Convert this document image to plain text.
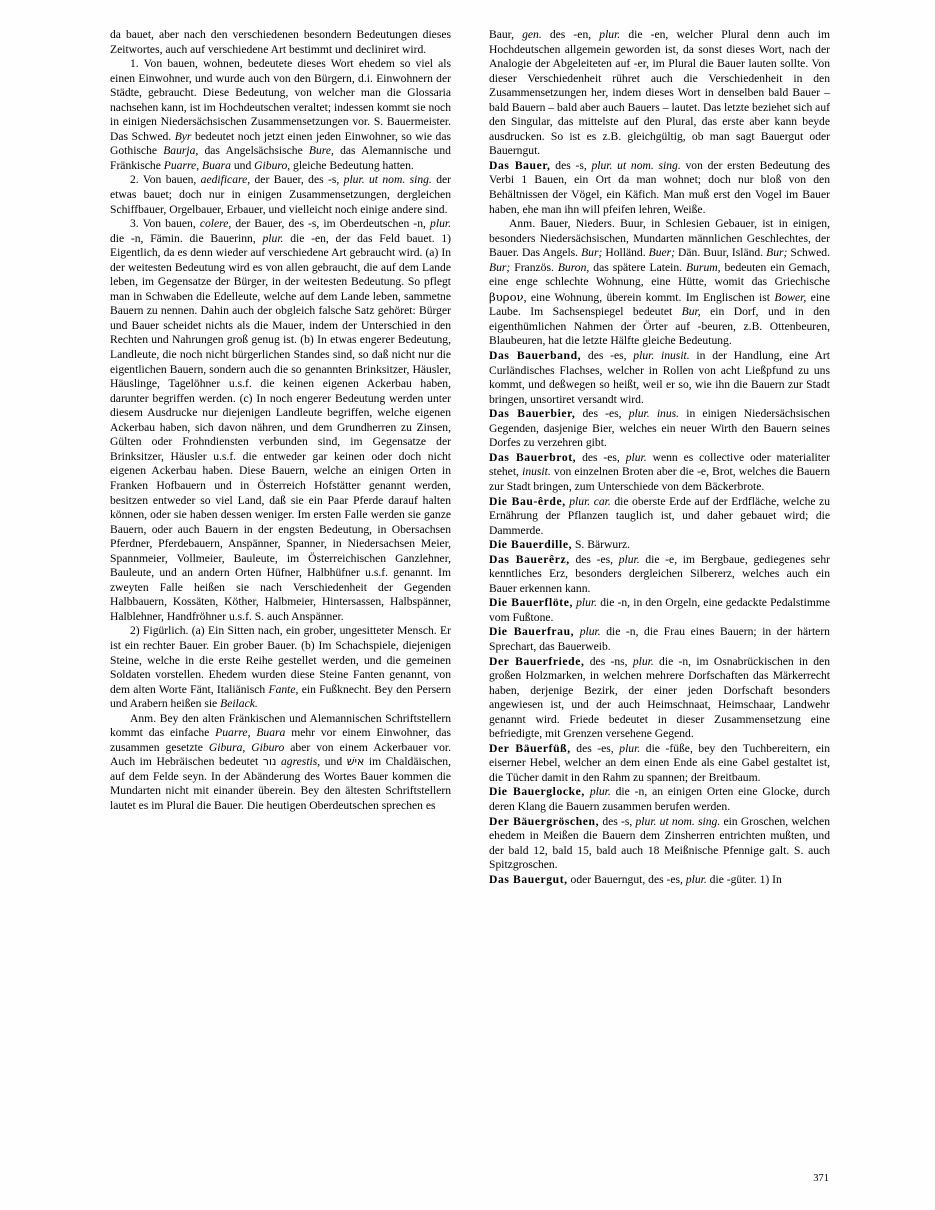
da bauet, aber nach den verschiedenen besondern Bedeutungen dieses Zeitwortes, auch auf verschiedene Art bestimmt und decliniret wird.

1. Von bauen, wohnen, bedeutete dieses Wort ehedem so viel als einen Einwohner, und wurde auch von den Bürgern, d.i. Einwohnern der Städte, gebraucht. Diese Bedeutung, von welcher man die Glossaria nachsehen kann, ist im Hochdeutschen veraltet; indessen kommt sie noch in einigen Niedersächsischen Zusammensetzungen vor. S. Bauermeister. Das Schwed. Byr bedeutet noch jetzt einen jeden Einwohner, so wie das Gothische Baurja, das Angelsächsische Bure, das Alemannische und Fränkische Puarre, Buara und Giburo, gleiche Bedeutung hatten.

2. Von bauen, aedificare, der Bauer, des -s, plur. ut nom. sing. der etwas bauet; doch nur in einigen Zusammensetzungen, dergleichen Schiffbauer, Orgelbauer, Erbauer, und vielleicht noch einige andere sind.

3. Von bauen, colere, der Bauer, des -s, im Oberdeutschen -n, plur. die -n, Fämin. die Bauerinn, plur. die -en, der das Feld bauet. 1) Eigentlich, da es denn wieder auf verschiedene Art gebraucht wird. (a) In der weitesten Bedeutung wird es von allen gebraucht, die auf dem Lande leben, im Gegensatze der Bürger, in der weitesten Bedeutung. So pflegt man in Schwaben die Edelleute, welche auf dem Lande leben, sammetne Bauern zu nennen. Dahin auch der obgleich falsche Satz gehöret: Bürger und Bauer scheidet nichts als die Mauer, indem der Unterschied in den Rechten und Nahrungen groß genug ist. (b) In etwas engerer Bedeutung, Landleute, die noch nicht bürgerlichen Standes sind, so daß nicht nur die eigentlichen Bauern, sondern auch die so genannten Brinksitzer, Häusler, Häuslinge, Tagelöhner u.s.f. die keinen eigenen Ackerbau haben, darunter begriffen werden. (c) In noch engerer Bedeutung werden unter diesem Ausdrucke nur diejenigen Landleute begriffen, welche eigenen Ackerbau haben, sich davon nähren, und dem Grundherren zu Zinsen, Gülten oder Frohndiensten verbunden sind, im Gegensatze der Brinksitzer, Häusler u.s.f. die entweder gar keinen oder doch nicht eigenen Ackerbau haben. Diese Bauern, welche an einigen Orten in Franken Hofbauern und in Österreich Hofstätter genannt werden, besitzen entweder so viel Land, daß sie ein Paar Pferde darauf halten können, oder sie haben dessen weniger. Im ersten Falle werden sie ganze Bauern, oder auch Bauern in der engsten Bedeutung, in Obersachsen Pferdner, Pferdebauern, Anspänner, Spanner, in Niedersachsen Meier, Spannmeier, Vollmeier, Bauleute, im Österreichischen Ganzlehner, Bauleute, und an andern Orten Hüfner, Halbhüfner u.s.f. genannt. Im zweyten Falle heißen sie nach Verschiedenheit der Gegenden Halbbauern, Kossäten, Köther, Halbmeier, Hintersassen, Halbspänner, Halblehner, Handfröhner u.s.f. S. auch Anspänner.

2) Figürlich. (a) Ein Sitten nach, ein grober, ungesitteter Mensch. Er ist ein rechter Bauer. Ein grober Bauer. (b) Im Schachspiele, diejenigen Steine, welche in die erste Reihe gestellet werden, und die gemeinen Soldaten vorstellen. Ehedem wurden diese Steine Fanten genannt, von dem alten Worte Fänt, Italiänisch Fante, ein Fußknecht. Bey den Persern und Arabern heißen sie Beilack.

Anm. Bey den alten Fränkischen und Alemannischen Schriftstellern kommt das einfache Puarre, Buara mehr vor einem Einwohner, das zusammen gesetzte Gibura, Giburo aber von einem Ackerbauer vor. Auch im Hebräischen bedeutet נור agrestis, und אישׁ im Chaldäischen, auf dem Felde seyn. In der Abänderung des Wortes Bauer kommen die Mundarten nicht mit einander überein. Bey den ältesten Schriftstellern lautet es im Plural die Bauer. Die heutigen Oberdeutschen sprechen es

Baur, gen. des -en, plur. die -en, welcher Plural denn auch im Hochdeutschen allgemein geworden ist, da sonst dieses Wort, nach der Analogie der Abgeleiteten auf -er, im Plural die Bauer lauten sollte. Von dieser Verschiedenheit rühret auch die Verschiedenheit in den Zusammensetzungen her, indem dieses Wort in denselben bald Bauer – bald Bauern – bald aber auch Bauers – lautet. Das letzte beziehet sich auf den Singular, das mittelste auf den Plural, das erste aber kann beyde ausdrucken. So ist es z.B. gleichgültig, ob man sagt Bauergut oder Bauerngut.

Das Bauer, des -s, plur. ut nom. sing. von der ersten Bedeutung des Verbi 1 Bauen, ein Ort da man wohnet; doch nur bloß von den Behältnissen der Vögel, ein Käfich. Man muß erst den Vogel im Bauer haben, ehe man ihn will pfeifen lehren, Weiße.

Anm. Bauer, Nieders. Buur, in Schlesien Gebauer, ist in einigen, besonders Niedersächsischen, Mundarten männlichen Geschlechtes, der Bauer. Das Angels. Bur; Holländ. Buer; Dän. Buur, Isländ. Bur; Schwed. Bur; Französ. Buron, das spätere Latein. Burum, bedeuten ein Gemach, eine enge schlechte Wohnung, eine Hütte, womit das Griechische βυρον, eine Wohnung, überein kommt. Im Englischen ist Bower, eine Laube. Im Sachsenspiegel bedeutet Bur, ein Dorf, und in den eigenthümlichen Nahmen der Örter auf -beuren, z.B. Ottenbeuren, Blaubeuren, hat die letzte Hälfte gleiche Bedeutung.

Das Bauerband, des -es, plur. inusit. in der Handlung, eine Art Curländisches Flachses, welcher in Rollen von acht Ließpfund zu uns kommt, und deßwegen so heißt, weil er so, wie ihn die Bauern zur Stadt bringen, unsortiret versandt wird.

Das Bauerbier, des -es, plur. inus. in einigen Niedersächsischen Gegenden, dasjenige Bier, welches ein neuer Wirth den Bauern seines Dorfes zu verzehren gibt.

Das Bauerbrot, des -es, plur. wenn es collective oder materialiter stehet, inusit. von einzelnen Broten aber die -e, Brot, welches die Bauern zur Stadt bringen, zum Unterschiede von dem Bäckerbrote.

Die Bau-êrde, plur. car. die oberste Erde auf der Erdfläche, welche zu Ernährung der Pflanzen tauglich ist, und daher gebauet wird; die Dammerde.

Die Bauerdille, S. Bärwurz.

Das Bauerêrz, des -es, plur. die -e, im Bergbaue, gediegenes sehr kenntliches Erz, besonders dergleichen Silbererz, welches auch ein Bauer erkennen kann.

Die Bauerflöte, plur. die -n, in den Orgeln, eine gedackte Pedalstimme vom Fußtone.

Die Bauerfrau, plur. die -n, die Frau eines Bauern; in der härtern Sprechart, das Bauerweib.

Der Bauerfriede, des -ns, plur. die -n, im Osnabrückischen in den großen Holzmarken, in welchen mehrere Dorfschaften das Märkerrecht haben, derjenige Bezirk, der einer jeden Dorfschaft besonders angewiesen ist, und der auch Heimschnaat, Heimschaar, Landwehr genannt wird. Friede bedeutet in dieser Zusammensetzung eine befriedigte, mit Grenzen versehene Gegend.

Der Bäuerfüß, des -es, plur. die -füße, bey den Tuchbereitern, ein eiserner Hebel, welcher an dem einen Ende als eine Gabel gestaltet ist, die Tücher damit in den Rahm zu spannen; der Breitbaum.

Die Bauerglocke, plur. die -n, an einigen Orten eine Glocke, durch deren Klang die Bauern zusammen berufen werden.

Der Bäuergröschen, des -s, plur. ut nom. sing. ein Groschen, welchen ehedem in Meißen die Bauern dem Zinsherren entrichten mußten, und der bald 12, bald 15, bald auch 18 Meißnische Pfennige galt. S. auch Spitzgroschen.

Das Bauergut, oder Bauerngut, des -es, plur. die -güter. 1) In

371
